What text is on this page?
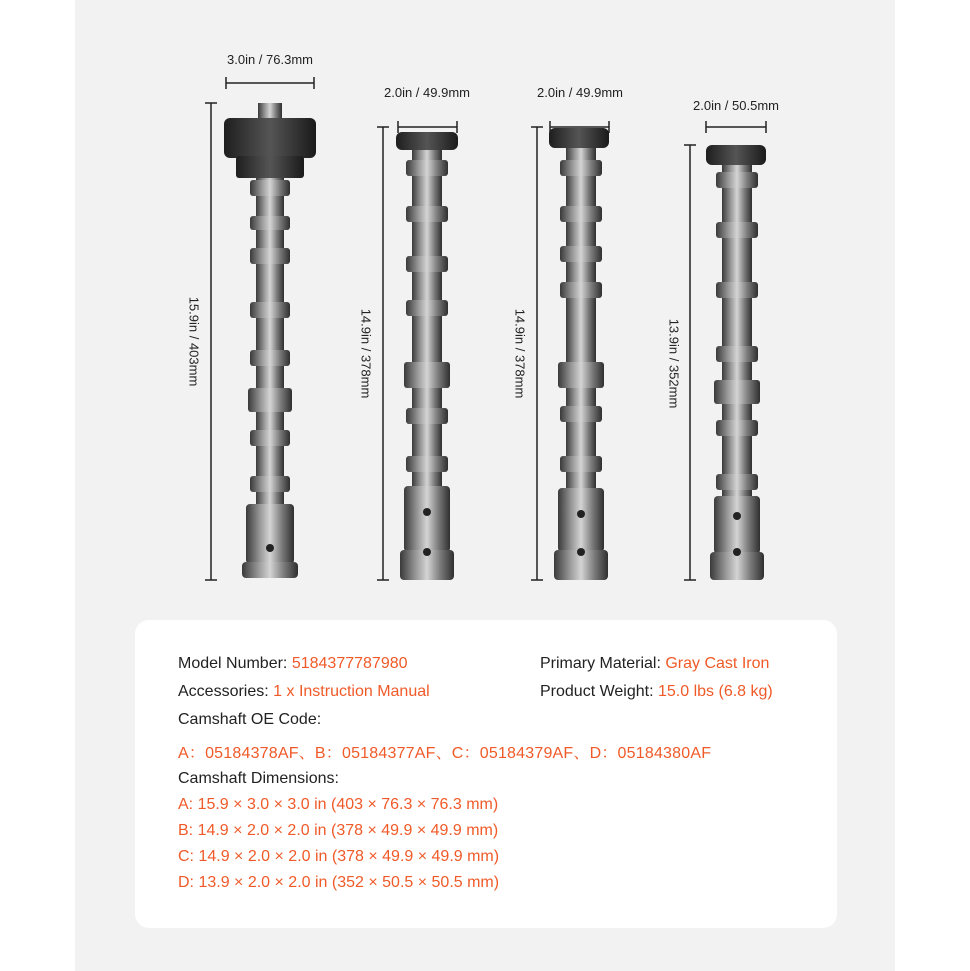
3.0in / 76.3mm
2.0in / 49.9mm	2.0in / 49.9mm
2.0in / 50.5mm
15.9in / 403mm	14.9in / 378mm	14.9in / 378mm	13.9in / 352mm
Model Number: 5184377787980	Primary Material: Gray Cast Iron
Accessories: 1 x Instruction Manual	Product Weight: 15.0 lbs (6.8 kg)
Camshaft OE Code:
A：05184378AF、B：05184377AF、C：05184379AF、D：05184380AF
Camshaft Dimensions:
A: 15.9 × 3.0 × 3.0 in (403 × 76.3 × 76.3 mm)
B: 14.9 × 2.0 × 2.0 in (378 × 49.9 × 49.9 mm)
C: 14.9 × 2.0 × 2.0 in (378 × 49.9 × 49.9 mm)
D: 13.9 × 2.0 × 2.0 in (352 × 50.5 × 50.5 mm)
